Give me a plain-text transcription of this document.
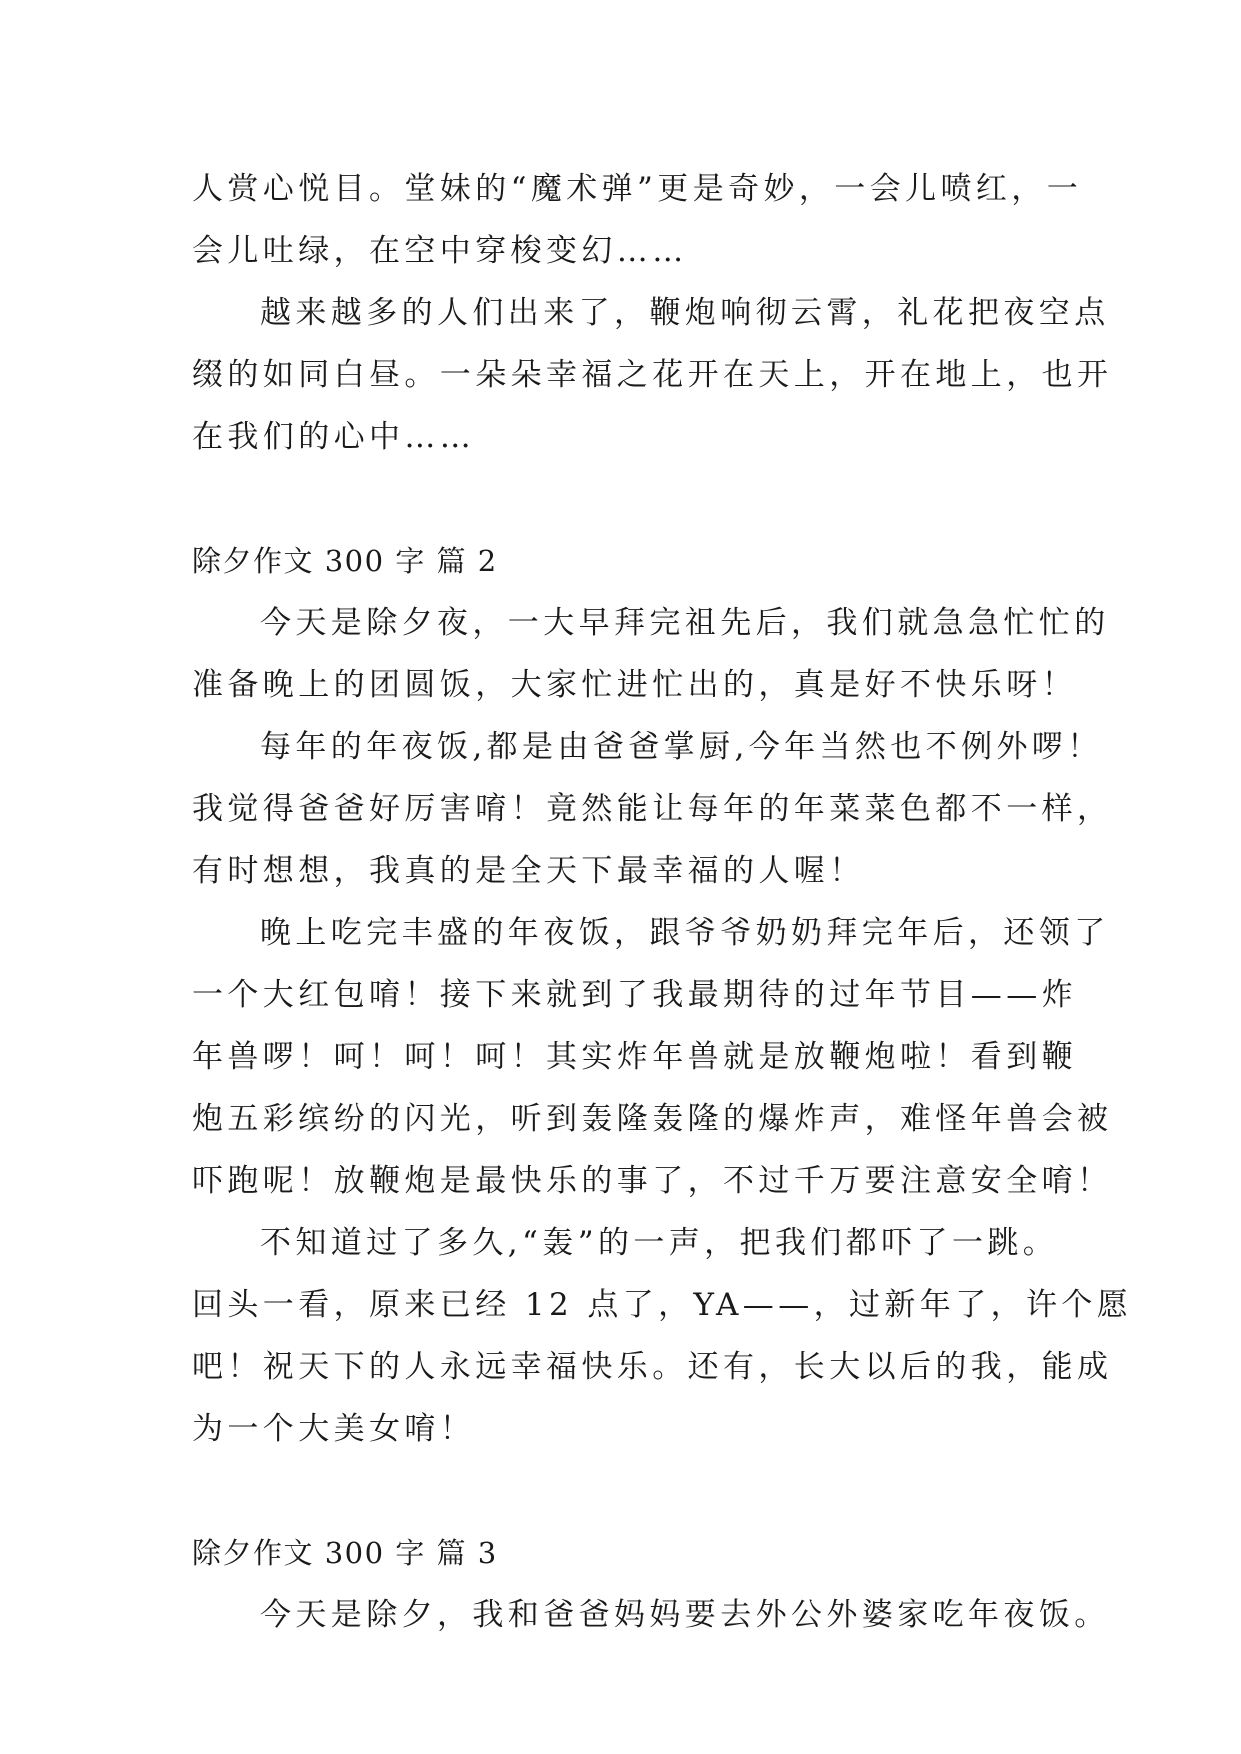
人赏心悦目。堂妹的“魔术弹”更是奇妙，一会儿喷红，一
会儿吐绿，在空中穿梭变幻……
越来越多的人们出来了，鞭炮响彻云霄，礼花把夜空点
缀的如同白昼。一朵朵幸福之花开在天上，开在地上，也开
在我们的心中……
除夕作文 300 字 篇 2
今天是除夕夜，一大早拜完祖先后，我们就急急忙忙的
准备晚上的团圆饭，大家忙进忙出的，真是好不快乐呀！
每年的年夜饭,都是由爸爸掌厨,今年当然也不例外啰！
我觉得爸爸好厉害唷！竟然能让每年的年菜菜色都不一样，
有时想想，我真的是全天下最幸福的人喔！
晚上吃完丰盛的年夜饭，跟爷爷奶奶拜完年后，还领了
一个大红包唷！接下来就到了我最期待的过年节目——炸
年兽啰！呵！呵！呵！其实炸年兽就是放鞭炮啦！看到鞭
炮五彩缤纷的闪光，听到轰隆轰隆的爆炸声，难怪年兽会被
吓跑呢！放鞭炮是最快乐的事了，不过千万要注意安全唷！
不知道过了多久,“轰”的一声，把我们都吓了一跳。
回头一看，原来已经 12 点了，YA——，过新年了，许个愿
吧！祝天下的人永远幸福快乐。还有，长大以后的我，能成
为一个大美女唷！
除夕作文 300 字 篇 3
今天是除夕，我和爸爸妈妈要去外公外婆家吃年夜饭。
